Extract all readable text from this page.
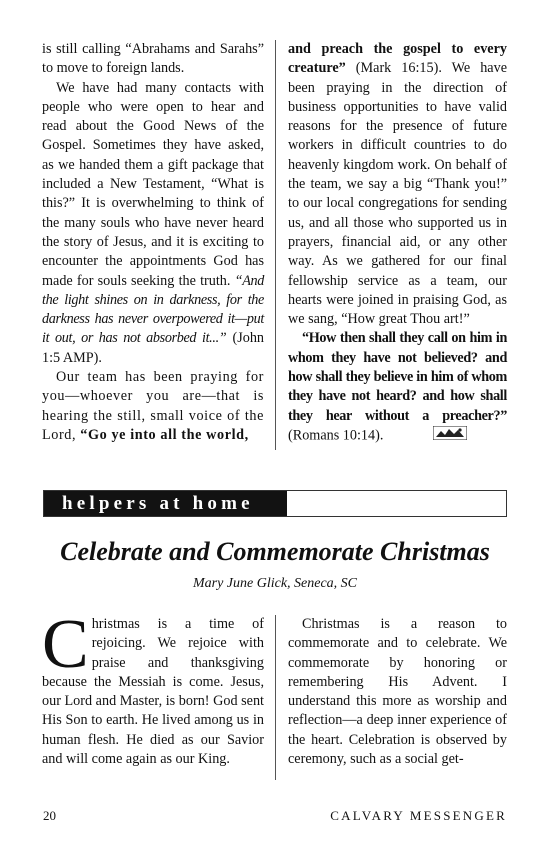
is still calling “Abrahams and Sarahs” to move to foreign lands.

We have had many contacts with people who were open to hear and read about the Good News of the Gospel. Sometimes they have asked, as we handed them a gift package that included a New Testament, “What is this?” It is overwhelming to think of the many souls who have never heard the story of Jesus, and it is exciting to encounter the appointments God has made for souls seeking the truth. “And the light shines on in darkness, for the darkness has never overpowered it—put it out, or has not absorbed it...” (John 1:5 AMP).

Our team has been praying for you—whoever you are—that is hearing the still, small voice of the Lord, “Go ye into all the world,

and preach the gospel to every creature” (Mark 16:15). We have been praying in the direction of business opportunities to have valid reasons for the presence of future workers in difficult countries to do heavenly kingdom work. On behalf of the team, we say a big “Thank you!” to our local congregations for sending us, and all those who supported us in prayers, financial aid, or any other way. As we gathered for our final fellowship service as a team, our hearts were joined in praising God, as we sang, “How great Thou art!”

“How then shall they call on him in whom they have not believed? and how shall they believe in him of whom they have not heard? and how shall they hear without a preacher?” (Romans 10:14).

helpers at home
Celebrate and Commemorate Christmas
Mary June Glick, Seneca, SC

Christmas is a time of rejoicing. We rejoice with praise and thanksgiving because the Messiah is come. Jesus, our Lord and Master, is born! God sent His Son to earth. He lived among us in human flesh. He died as our Savior and will come again as our King.

Christmas is a reason to commemorate and to celebrate. We commemorate by honoring or remembering His Advent. I understand this more as worship and reflection—a deep inner experience of the heart. Celebration is observed by ceremony, such as a social get-

20	CALVARY MESSENGER
